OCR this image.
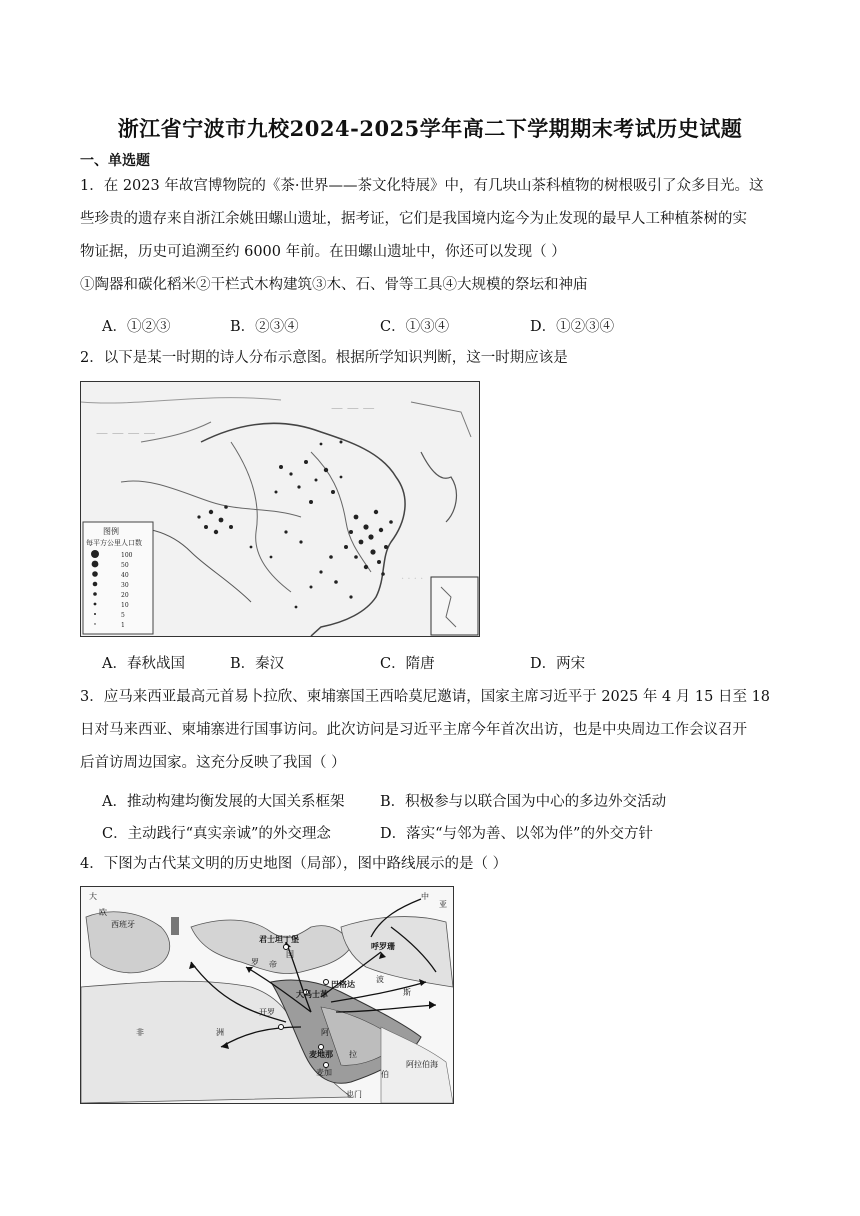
浙江省宁波市九校2024-2025学年高二下学期期末考试历史试题
一、单选题
1．在 2023 年故宫博物院的《茶·世界——茶文化特展》中，有几块山茶科植物的树根吸引了众多目光。这
些珍贵的遗存来自浙江余姚田螺山遗址，据考证，它们是我国境内迄今为止发现的最早人工种植茶树的实
物证据，历史可追溯至约 6000 年前。在田螺山遗址中，你还可以发现（ ）
①陶器和碳化稻米②干栏式木构建筑③木、石、骨等工具④大规模的祭坛和神庙
A．①②③	B．②③④	C．①③④	D．①②③④
2．以下是某一时期的诗人分布示意图。根据所学知识判断，这一时期应该是
— — — —
— — —
· · · ·
图例
每平方公里人口数
100
50
40
30
20
10
5
1
A．春秋战国	B．秦汉	C．隋唐	D．两宋
3．应马来西亚最高元首易卜拉欣、柬埔寨国王西哈莫尼邀请，国家主席习近平于 2025 年 4 月 15 日至 18
日对马来西亚、柬埔寨进行国事访问。此次访问是习近平主席今年首次出访，也是中央周边工作会议召开
后首访周边国家。这充分反映了我国（ ）
A．推动构建均衡发展的大国关系框架 B．积极参与以联合国为中心的多边外交活动
C．主动践行“真实亲诚”的外交理念	D．落实“与邻为善、以邻为伴”的外交方针
4．下图为古代某文明的历史地图（局部），图中路线展示的是（ ）
大
欧
西班牙
君士坦丁堡
罗 帝
国
大马士革
巴格达
呼罗珊
波
斯
阿
开罗
麦地那
麦加
拉
伯
也门
非	洲
阿拉伯海
中
亚
